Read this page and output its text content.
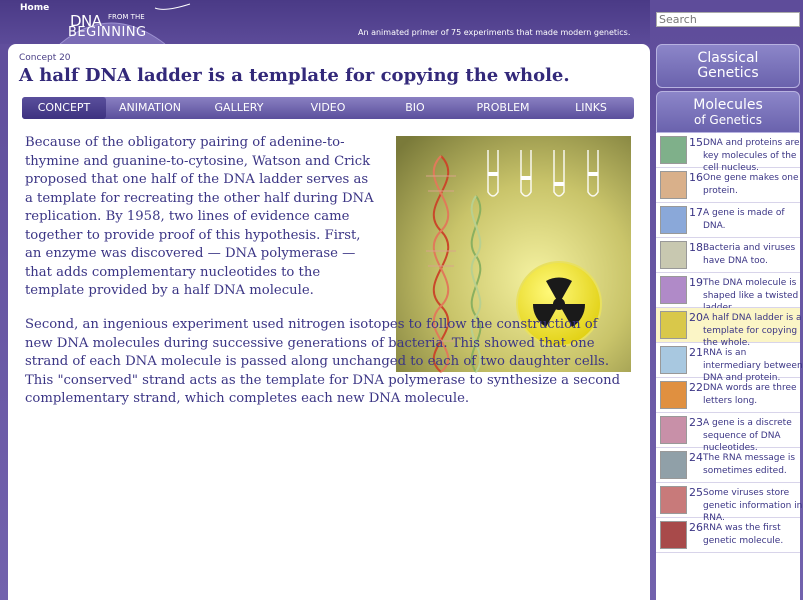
Home
DNA FROM THE
BEGINNING	An animated primer of 75 experiments that made modern genetics.
Search
Concept 20
A half DNA ladder is a template for copying the whole.
CONCEPT	ANIMATION	GALLERY	VIDEO	BIO	PROBLEM	LINKS

Because of the obligatory pairing of adenine-to-thymine and guanine-to-cytosine, Watson and Crick proposed that one half of the DNA ladder serves as a template for recreating the other half during DNA replication. By 1958, two lines of evidence came together to provide proof of this hypothesis. First, an enzyme was discovered — DNA polymerase — that adds complementary nucleotides to the template provided by a half DNA molecule.

Second, an ingenious experiment used nitrogen isotopes to follow the construction of new DNA molecules during successive generations of bacteria. This showed that one strand of each DNA molecule is passed along unchanged to each of two daughter cells. This "conserved" strand acts as the template for DNA polymerase to synthesize a second complementary strand, which completes each new DNA molecule.

Classical
Genetics
Molecules
of Genetics
15 DNA and proteins are key molecules of the cell nucleus.
16 One gene makes one protein.
17 A gene is made of DNA.
18 Bacteria and viruses have DNA too.
19 The DNA molecule is shaped like a twisted
20 A half DNA ladder is a template for copying the whole.
21 RNA is an intermediary between DNA and protein.
22 DNA words are three letters long.
23 A gene is a discrete sequence of DNA nucleotides.
24 The RNA message is sometimes edited.
25 Some viruses store genetic information in RNA.
26 RNA was the first genetic molecule.
